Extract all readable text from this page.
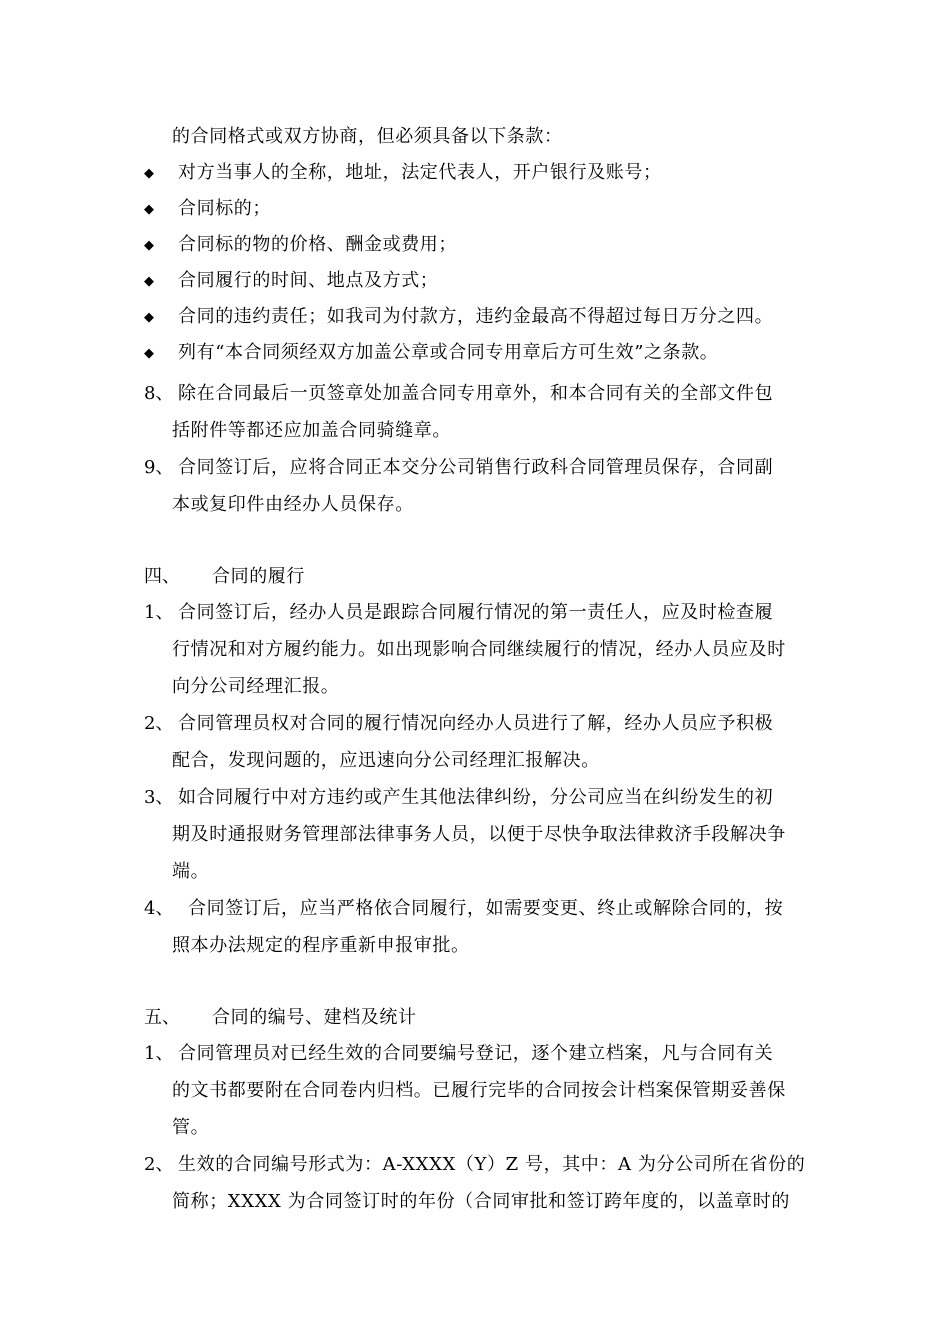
的合同格式或双方协商，但必须具备以下条款：
◆ 对方当事人的全称，地址，法定代表人，开户银行及账号；
◆ 合同标的；
◆ 合同标的物的价格、酬金或费用；
◆ 合同履行的时间、地点及方式；
◆ 合同的违约责任；如我司为付款方，违约金最高不得超过每日万分之四。
◆ 列有“本合同须经双方加盖公章或合同专用章后方可生效”之条款。
8、 除在合同最后一页签章处加盖合同专用章外，和本合同有关的全部文件包
括附件等都还应加盖合同骑缝章。
9、 合同签订后，应将合同正本交分公司销售行政科合同管理员保存，合同副
本或复印件由经办人员保存。
四、 合同的履行
1、 合同签订后，经办人员是跟踪合同履行情况的第一责任人，应及时检查履
行情况和对方履约能力。如出现影响合同继续履行的情况，经办人员应及时
向分公司经理汇报。
2、 合同管理员权对合同的履行情况向经办人员进行了解，经办人员应予积极
配合，发现问题的，应迅速向分公司经理汇报解决。
3、 如合同履行中对方违约或产生其他法律纠纷，分公司应当在纠纷发生的初
期及时通报财务管理部法律事务人员，以便于尽快争取法律救济手段解决争
端。
4、 合同签订后，应当严格依合同履行，如需要变更、终止或解除合同的，按
照本办法规定的程序重新申报审批。
五、 合同的编号、建档及统计
1、 合同管理员对已经生效的合同要编号登记，逐个建立档案，凡与合同有关
的文书都要附在合同卷内归档。已履行完毕的合同按会计档案保管期妥善保
管。
2、 生效的合同编号形式为：A-XXXX（Y）Z 号，其中：A 为分公司所在省份的
简称；XXXX 为合同签订时的年份（合同审批和签订跨年度的，以盖章时的
